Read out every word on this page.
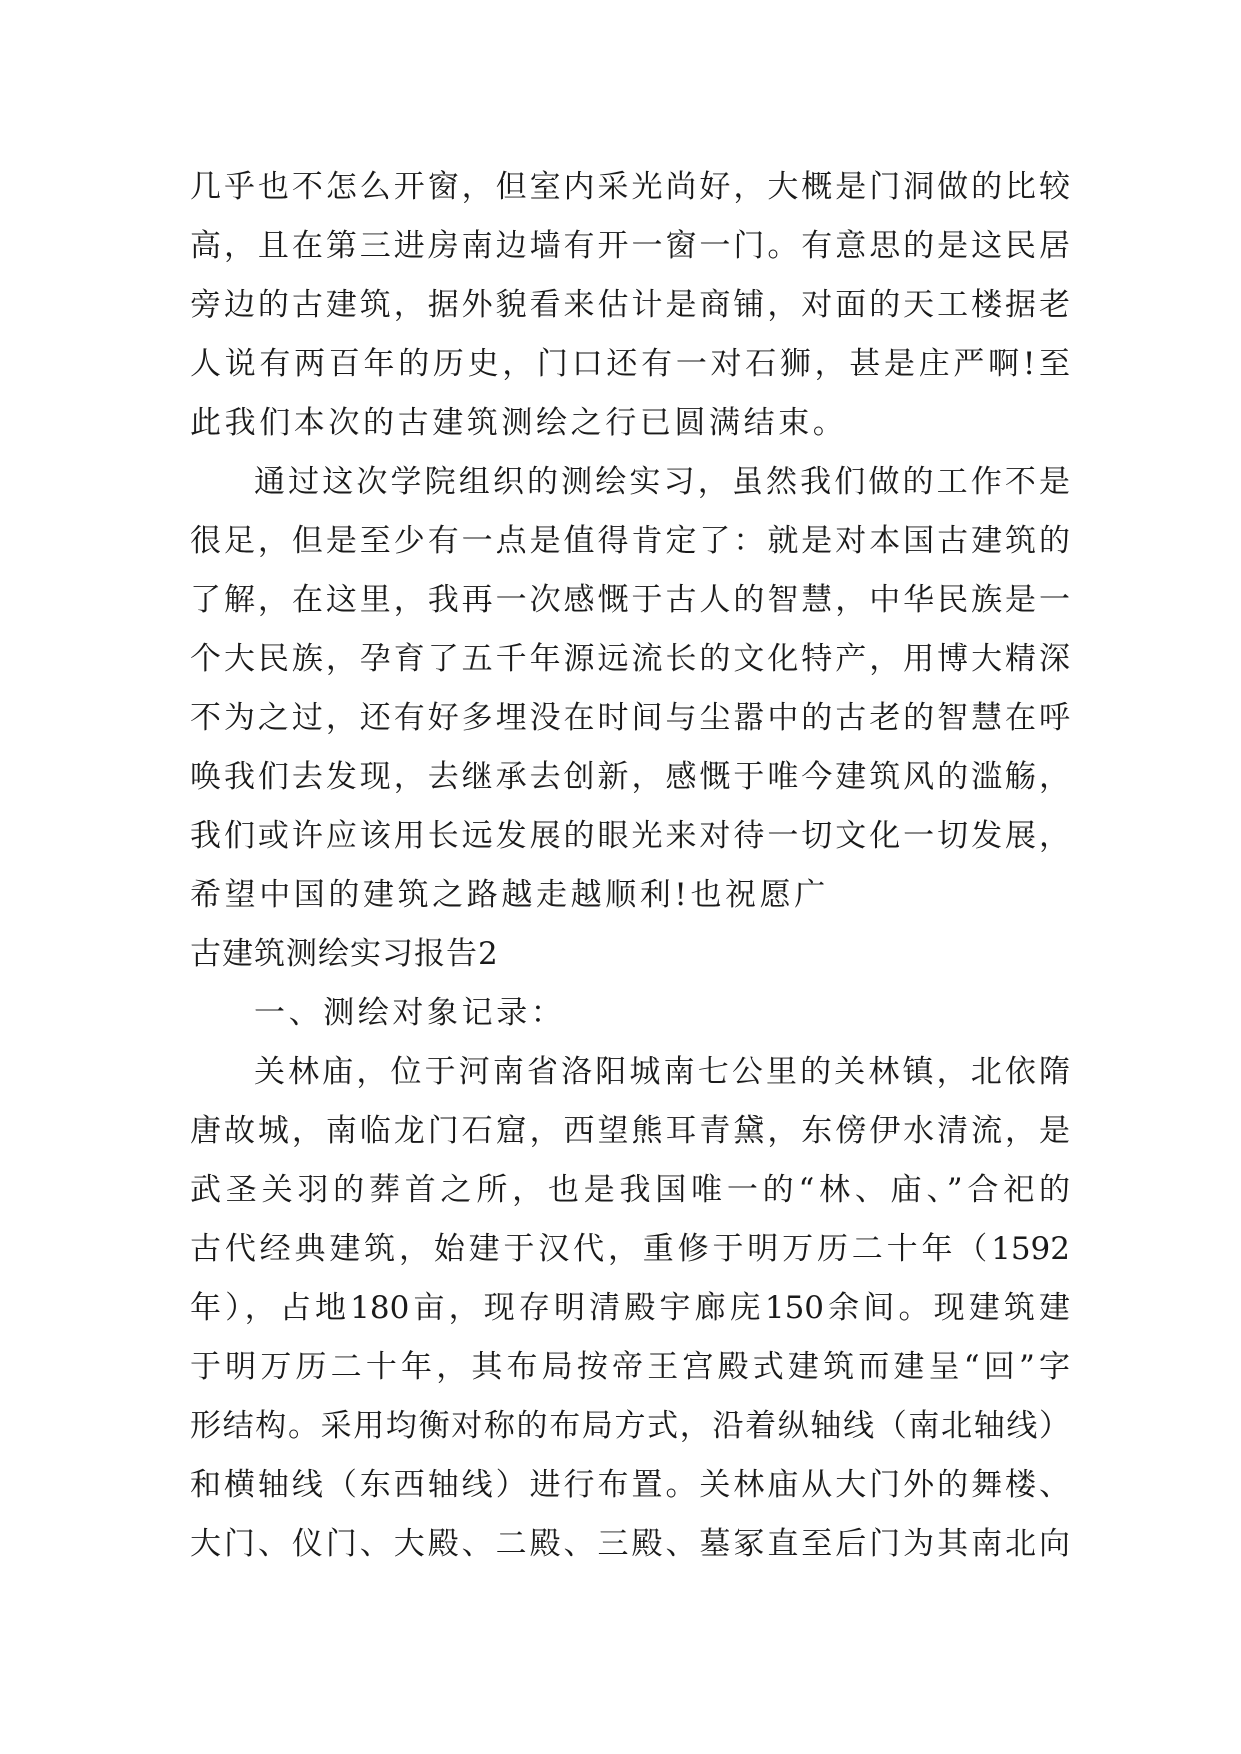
几乎也不怎么开窗，但室内采光尚好，大概是门洞做的比较
高，且在第三进房南边墙有开一窗一门。有意思的是这民居
旁边的古建筑，据外貌看来估计是商铺，对面的天工楼据老
人说有两百年的历史，门口还有一对石狮，甚是庄严啊!至
此我们本次的古建筑测绘之行已圆满结束。
通过这次学院组织的测绘实习，虽然我们做的工作不是
很足，但是至少有一点是值得肯定了：就是对本国古建筑的
了解，在这里，我再一次感慨于古人的智慧，中华民族是一
个大民族，孕育了五千年源远流长的文化特产，用博大精深
不为之过，还有好多埋没在时间与尘嚣中的古老的智慧在呼
唤我们去发现，去继承去创新，感慨于唯今建筑风的滥觞，
我们或许应该用长远发展的眼光来对待一切文化一切发展，
希望中国的建筑之路越走越顺利!也祝愿广
古建筑测绘实习报告2
一、测绘对象记录：
关林庙，位于河南省洛阳城南七公里的关林镇，北依隋
唐故城，南临龙门石窟，西望熊耳青黛，东傍伊水清流，是
武圣关羽的葬首之所，也是我国唯一的“林、庙、”合祀的
古代经典建筑，始建于汉代，重修于明万历二十年（1592
年），占地180亩，现存明清殿宇廊庑150余间。现建筑建
于明万历二十年，其布局按帝王宫殿式建筑而建呈“回”字
形结构。采用均衡对称的布局方式，沿着纵轴线（南北轴线）
和横轴线（东西轴线）进行布置。关林庙从大门外的舞楼、
大门、仪门、大殿、二殿、三殿、墓冢直至后门为其南北向
